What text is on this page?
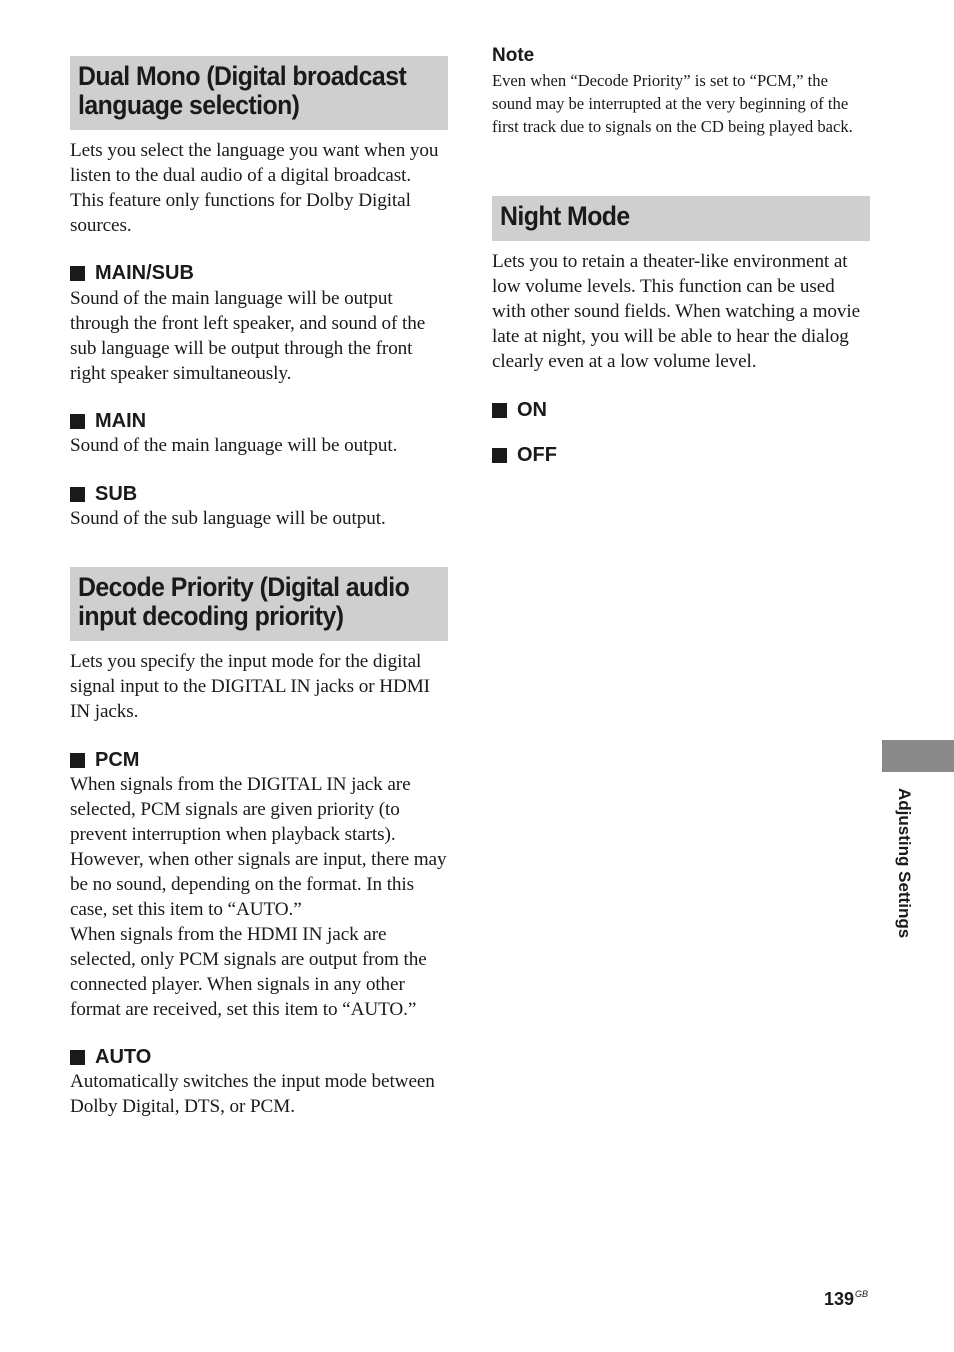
Dual Mono (Digital broadcast
language selection)

Lets you select the language you want when you listen to the dual audio of a digital broadcast. This feature only functions for Dolby Digital sources.

MAIN/SUB

Sound of the main language will be output through the front left speaker, and sound of the sub language will be output through the front right speaker simultaneously.

MAIN

Sound of the main language will be output.

SUB

Sound of the sub language will be output.

Decode Priority (Digital audio
input decoding priority)

Lets you specify the input mode for the digital signal input to the DIGITAL IN jacks or HDMI IN jacks.

PCM

When signals from the DIGITAL IN jack are selected, PCM signals are given priority (to prevent interruption when playback starts). However, when other signals are input, there may be no sound, depending on the format. In this case, set this item to “AUTO.”

When signals from the HDMI IN jack are selected, only PCM signals are output from the connected player. When signals in any other format are received, set this item to “AUTO.”

AUTO

Automatically switches the input mode between Dolby Digital, DTS, or PCM.

Note

Even when “Decode Priority” is set to “PCM,” the sound may be interrupted at the very beginning of the first track due to signals on the CD being played back.

Night Mode

Lets you to retain a theater-like environment at low volume levels. This function can be used with other sound fields. When watching a movie late at night, you will be able to hear the dialog clearly even at a low volume level.

ON
OFF
Adjusting Settings
$139^{GB}$
